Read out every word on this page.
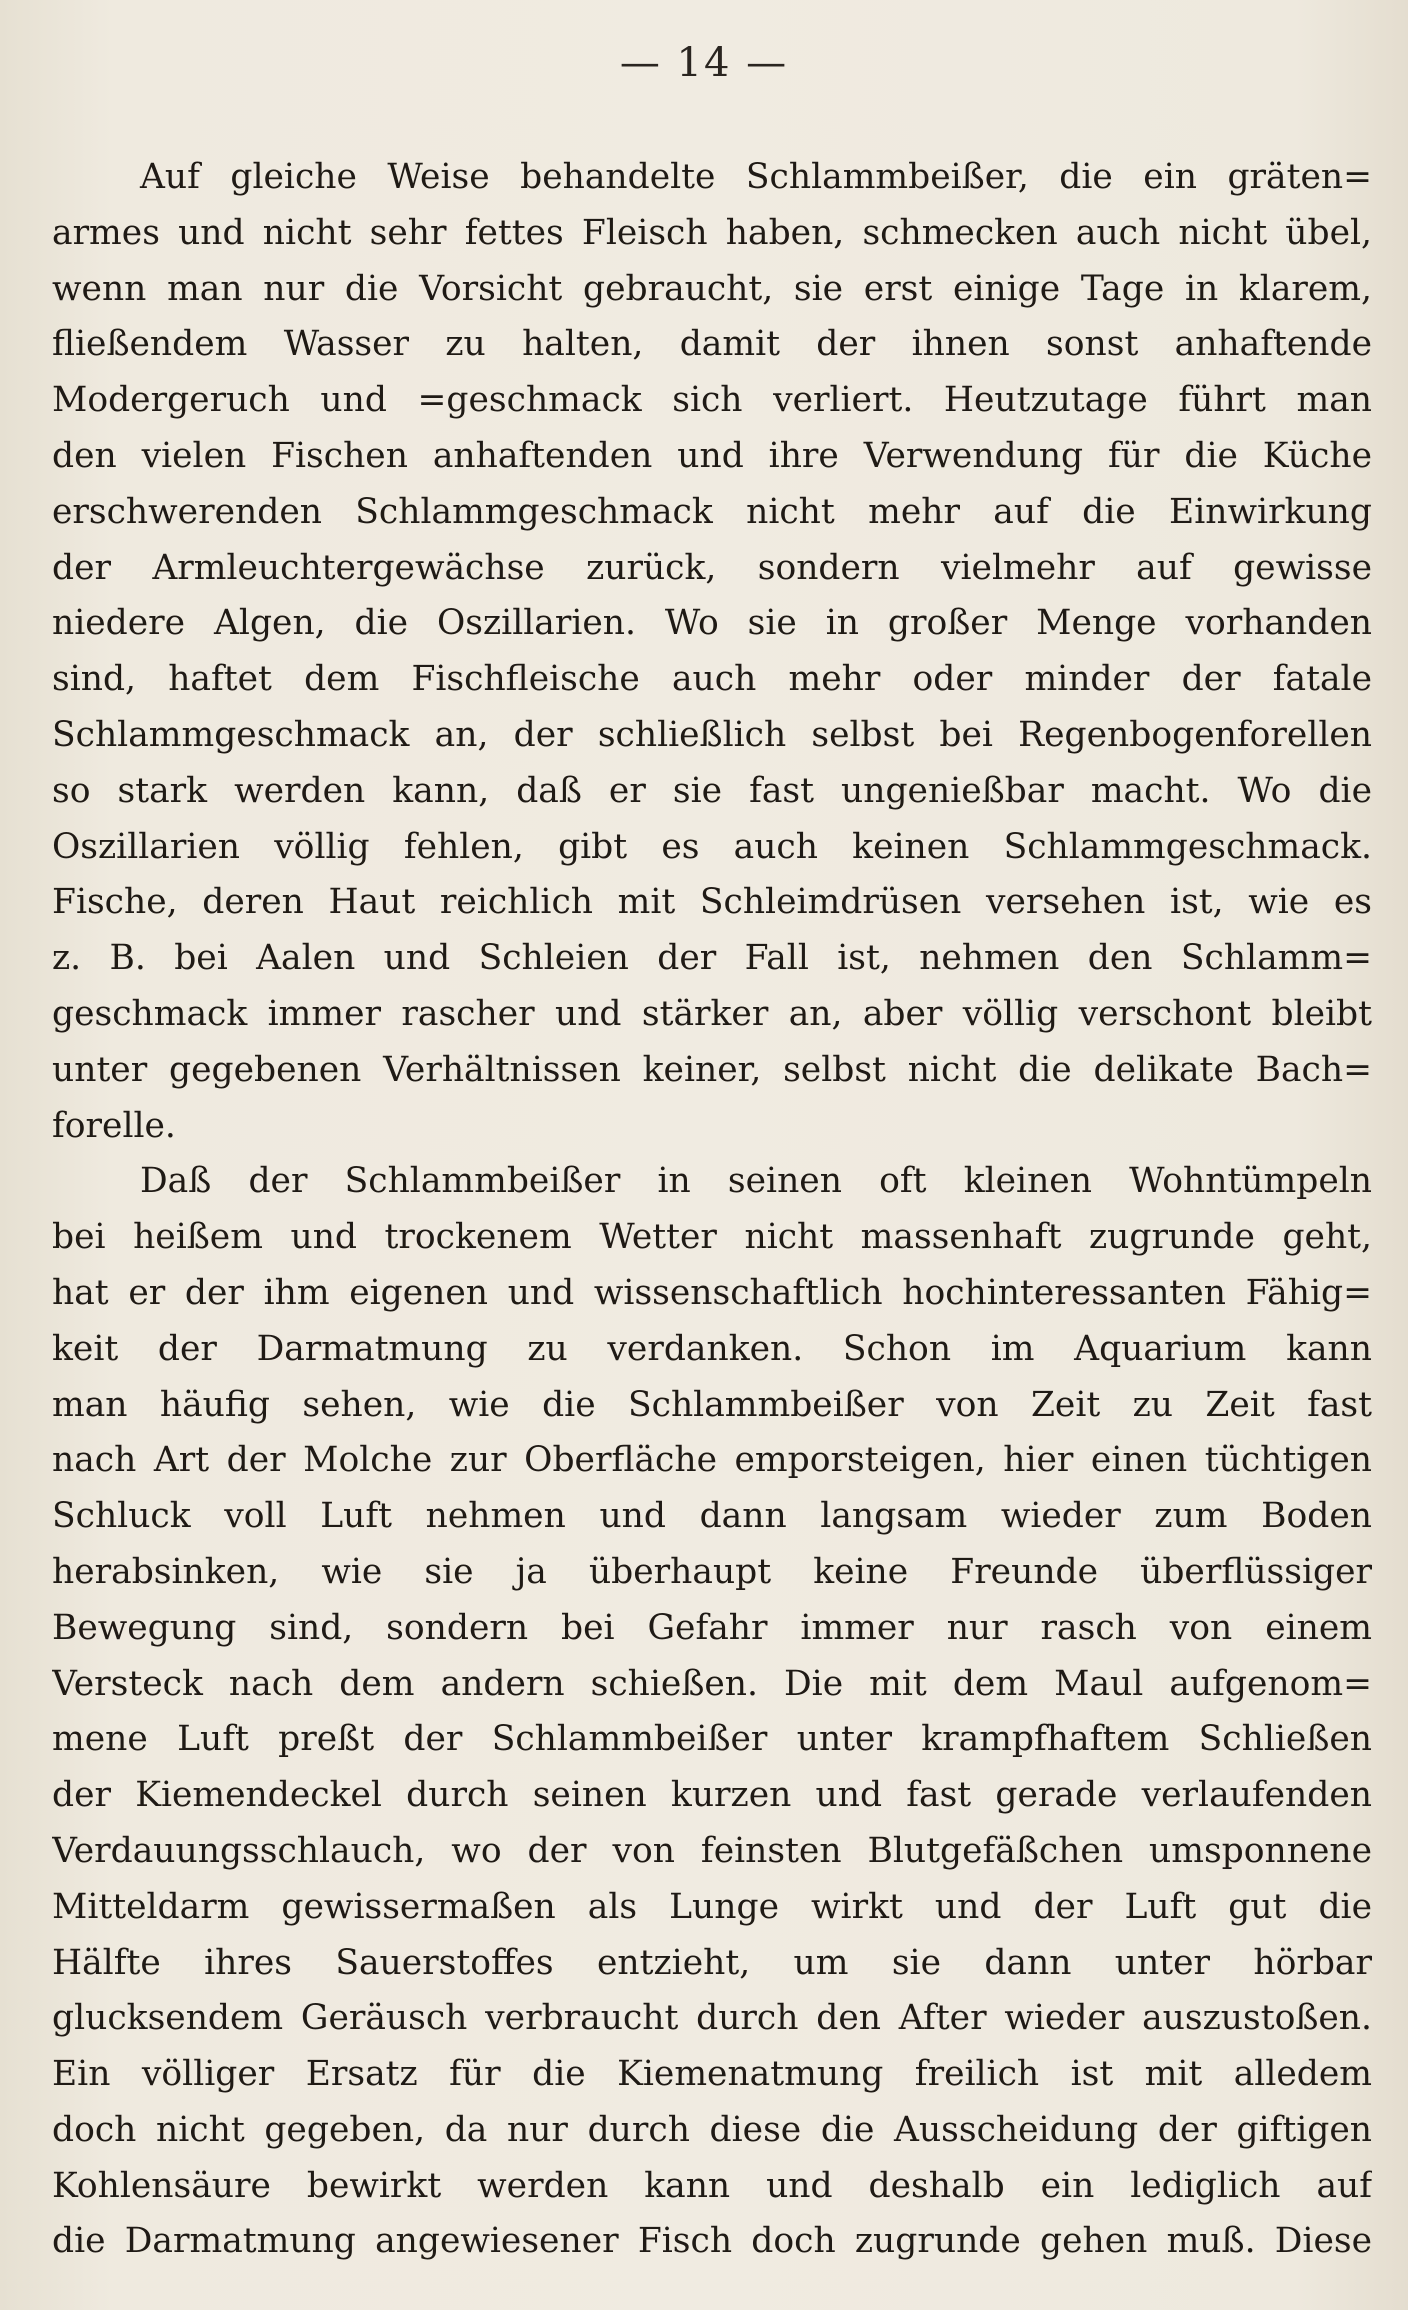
— 14 —
Auf gleiche Weise behandelte Schlammbeißer, die ein gräten=
armes und nicht sehr fettes Fleisch haben, schmecken auch nicht übel,
wenn man nur die Vorsicht gebraucht, sie erst einige Tage in klarem,
fließendem Wasser zu halten, damit der ihnen sonst anhaftende
Modergeruch und =geschmack sich verliert. Heutzutage führt man
den vielen Fischen anhaftenden und ihre Verwendung für die Küche
erschwerenden Schlammgeschmack nicht mehr auf die Einwirkung
der Armleuchtergewächse zurück, sondern vielmehr auf gewisse
niedere Algen, die Oszillarien. Wo sie in großer Menge vorhanden
sind, haftet dem Fischfleische auch mehr oder minder der fatale
Schlammgeschmack an, der schließlich selbst bei Regenbogenforellen
so stark werden kann, daß er sie fast ungenießbar macht. Wo die
Oszillarien völlig fehlen, gibt es auch keinen Schlammgeschmack.
Fische, deren Haut reichlich mit Schleimdrüsen versehen ist, wie es
z. B. bei Aalen und Schleien der Fall ist, nehmen den Schlamm=
geschmack immer rascher und stärker an, aber völlig verschont bleibt
unter gegebenen Verhältnissen keiner, selbst nicht die delikate Bach=
forelle.
Daß der Schlammbeißer in seinen oft kleinen Wohntümpeln
bei heißem und trockenem Wetter nicht massenhaft zugrunde geht,
hat er der ihm eigenen und wissenschaftlich hochinteressanten Fähig=
keit der Darmatmung zu verdanken. Schon im Aquarium kann
man häufig sehen, wie die Schlammbeißer von Zeit zu Zeit fast
nach Art der Molche zur Oberfläche emporsteigen, hier einen tüchtigen
Schluck voll Luft nehmen und dann langsam wieder zum Boden
herabsinken, wie sie ja überhaupt keine Freunde überflüssiger
Bewegung sind, sondern bei Gefahr immer nur rasch von einem
Versteck nach dem andern schießen. Die mit dem Maul aufgenom=
mene Luft preßt der Schlammbeißer unter krampfhaftem Schließen
der Kiemendeckel durch seinen kurzen und fast gerade verlaufenden
Verdauungsschlauch, wo der von feinsten Blutgefäßchen umsponnene
Mitteldarm gewissermaßen als Lunge wirkt und der Luft gut die
Hälfte ihres Sauerstoffes entzieht, um sie dann unter hörbar
glucksendem Geräusch verbraucht durch den After wieder auszustoßen.
Ein völliger Ersatz für die Kiemenatmung freilich ist mit alledem
doch nicht gegeben, da nur durch diese die Ausscheidung der giftigen
Kohlensäure bewirkt werden kann und deshalb ein lediglich auf
die Darmatmung angewiesener Fisch doch zugrunde gehen muß. Diese
